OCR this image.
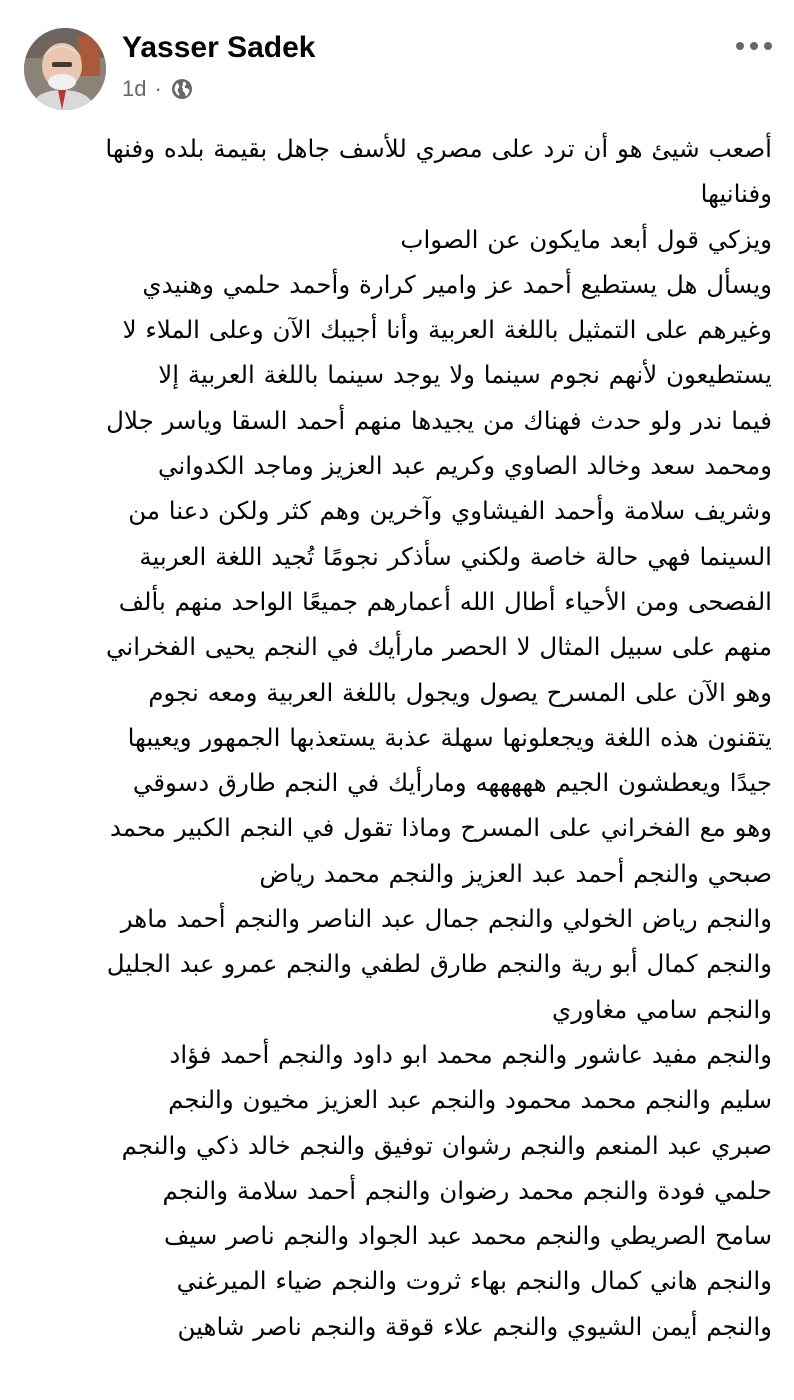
Yasser Sadek
1d ·
أصعب شيئ هو أن ترد على مصري للأسف جاهل بقيمة بلده وفنها
وفنانيها
ويزكي قول أبعد مايكون عن الصواب
ويسأل هل يستطيع أحمد عز وامير كرارة وأحمد حلمي وهنيدي
وغيرهم على التمثيل باللغة العربية وأنا أجيبك الآن وعلى الملاء لا
يستطيعون لأنهم نجوم سينما ولا يوجد سينما باللغة العربية إلا
فيما ندر ولو حدث فهناك من يجيدها منهم أحمد السقا وياسر جلال
ومحمد سعد وخالد الصاوي وكريم عبد العزيز وماجد الكدواني
وشريف سلامة وأحمد الفيشاوي وآخرين وهم كثر ولكن دعنا من
السينما فهي حالة خاصة ولكني سأذكر نجومًا تُجيد اللغة العربية
الفصحى ومن الأحياء أطال الله أعمارهم جميعًا الواحد منهم بألف
منهم على سبيل المثال لا الحصر مارأيك في النجم يحيى الفخراني
وهو الآن على المسرح يصول ويجول باللغة العربية ومعه نجوم
يتقنون هذه اللغة ويجعلونها سهلة عذبة يستعذبها الجمهور ويعيبها
جيدًا ويعطشون الجيم هههههه ومارأيك في النجم طارق دسوقي
وهو مع الفخراني على المسرح وماذا تقول في النجم الكبير محمد
صبحي والنجم أحمد عبد العزيز والنجم محمد رياض
والنجم رياض الخولي والنجم جمال عبد الناصر والنجم أحمد ماهر
والنجم كمال أبو رية والنجم طارق لطفي والنجم عمرو عبد الجليل
والنجم سامي مغاوري
والنجم مفيد عاشور والنجم محمد ابو داود والنجم أحمد فؤاد
سليم والنجم محمد محمود والنجم عبد العزيز مخيون والنجم
صبري عبد المنعم والنجم رشوان توفيق والنجم خالد ذكي والنجم
حلمي فودة والنجم محمد رضوان والنجم أحمد سلامة والنجم
سامح الصريطي والنجم محمد عبد الجواد والنجم ناصر سيف
والنجم هاني كمال والنجم بهاء ثروت والنجم ضياء الميرغني
والنجم أيمن الشيوي والنجم علاء قوقة والنجم ناصر شاهين
